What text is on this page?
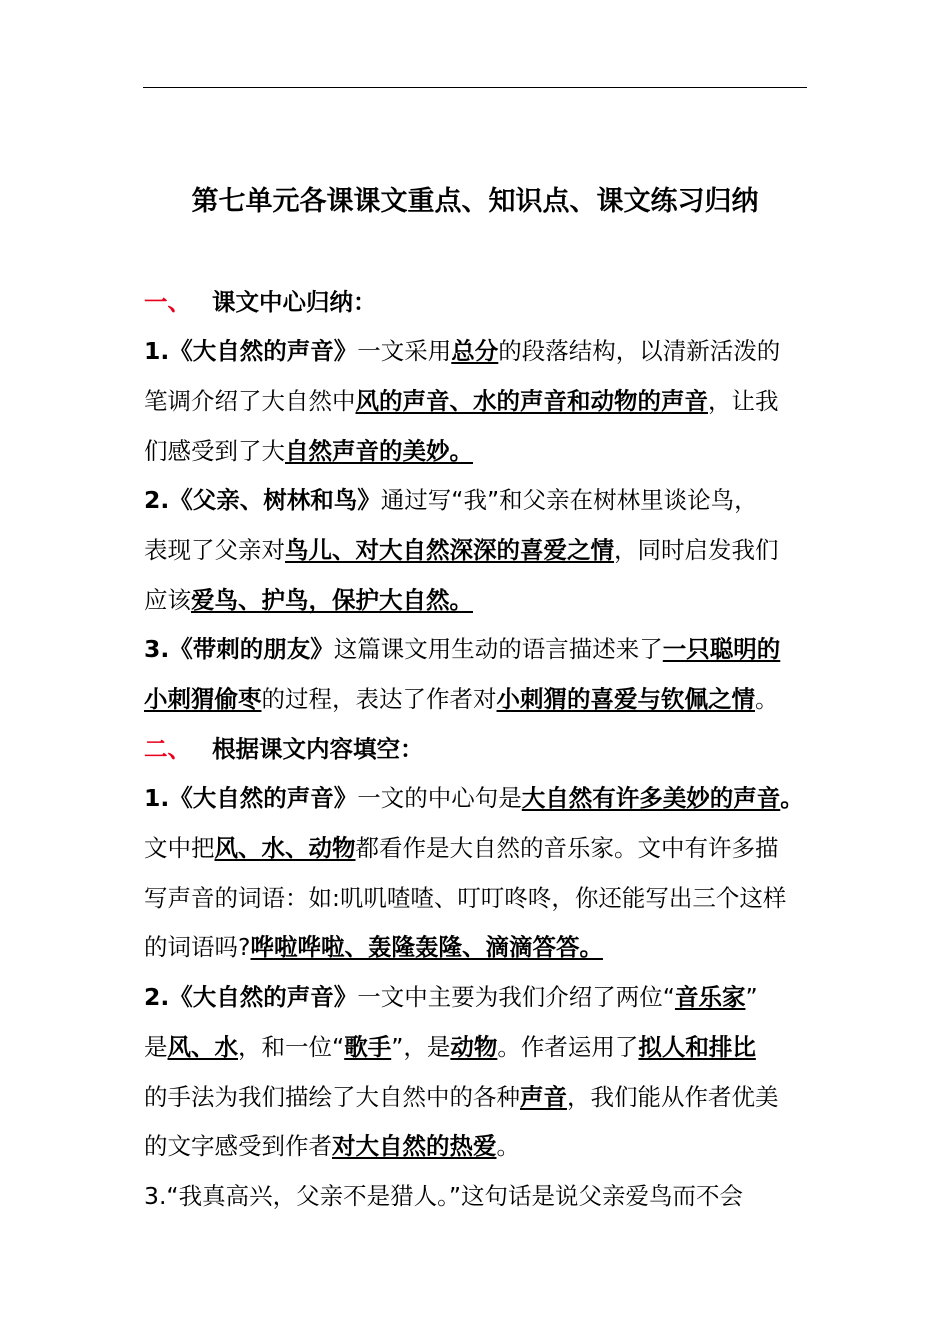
第七单元各课课文重点、知识点、课文练习归纳
一、 课文中心归纳：
1.《大自然的声音》一文采用总分的段落结构，以清新活泼的
笔调介绍了大自然中风的声音、水的声音和动物的声音，让我
们感受到了大自然声音的美妙。
2.《父亲、树林和鸟》通过写“我”和父亲在树林里谈论鸟，
表现了父亲对鸟儿、对大自然深深的喜爱之情，同时启发我们
应该爱鸟、护鸟，保护大自然。
3.《带刺的朋友》这篇课文用生动的语言描述来了一只聪明的
小刺猬偷枣的过程，表达了作者对小刺猬的喜爱与钦佩之情。
二、 根据课文内容填空：
1.《大自然的声音》一文的中心句是大自然有许多美妙的声音。
文中把风、水、动物都看作是大自然的音乐家。文中有许多描
写声音的词语：如:叽叽喳喳、叮叮咚咚，你还能写出三个这样
的词语吗?哗啦哗啦、轰隆轰隆、滴滴答答。
2.《大自然的声音》一文中主要为我们介绍了两位“音乐家”
是风、水，和一位“歌手”，是动物。作者运用了拟人和排比
的手法为我们描绘了大自然中的各种声音，我们能从作者优美
的文字感受到作者对大自然的热爱。
3.“我真高兴，父亲不是猎人。”这句话是说父亲爱鸟而不会
